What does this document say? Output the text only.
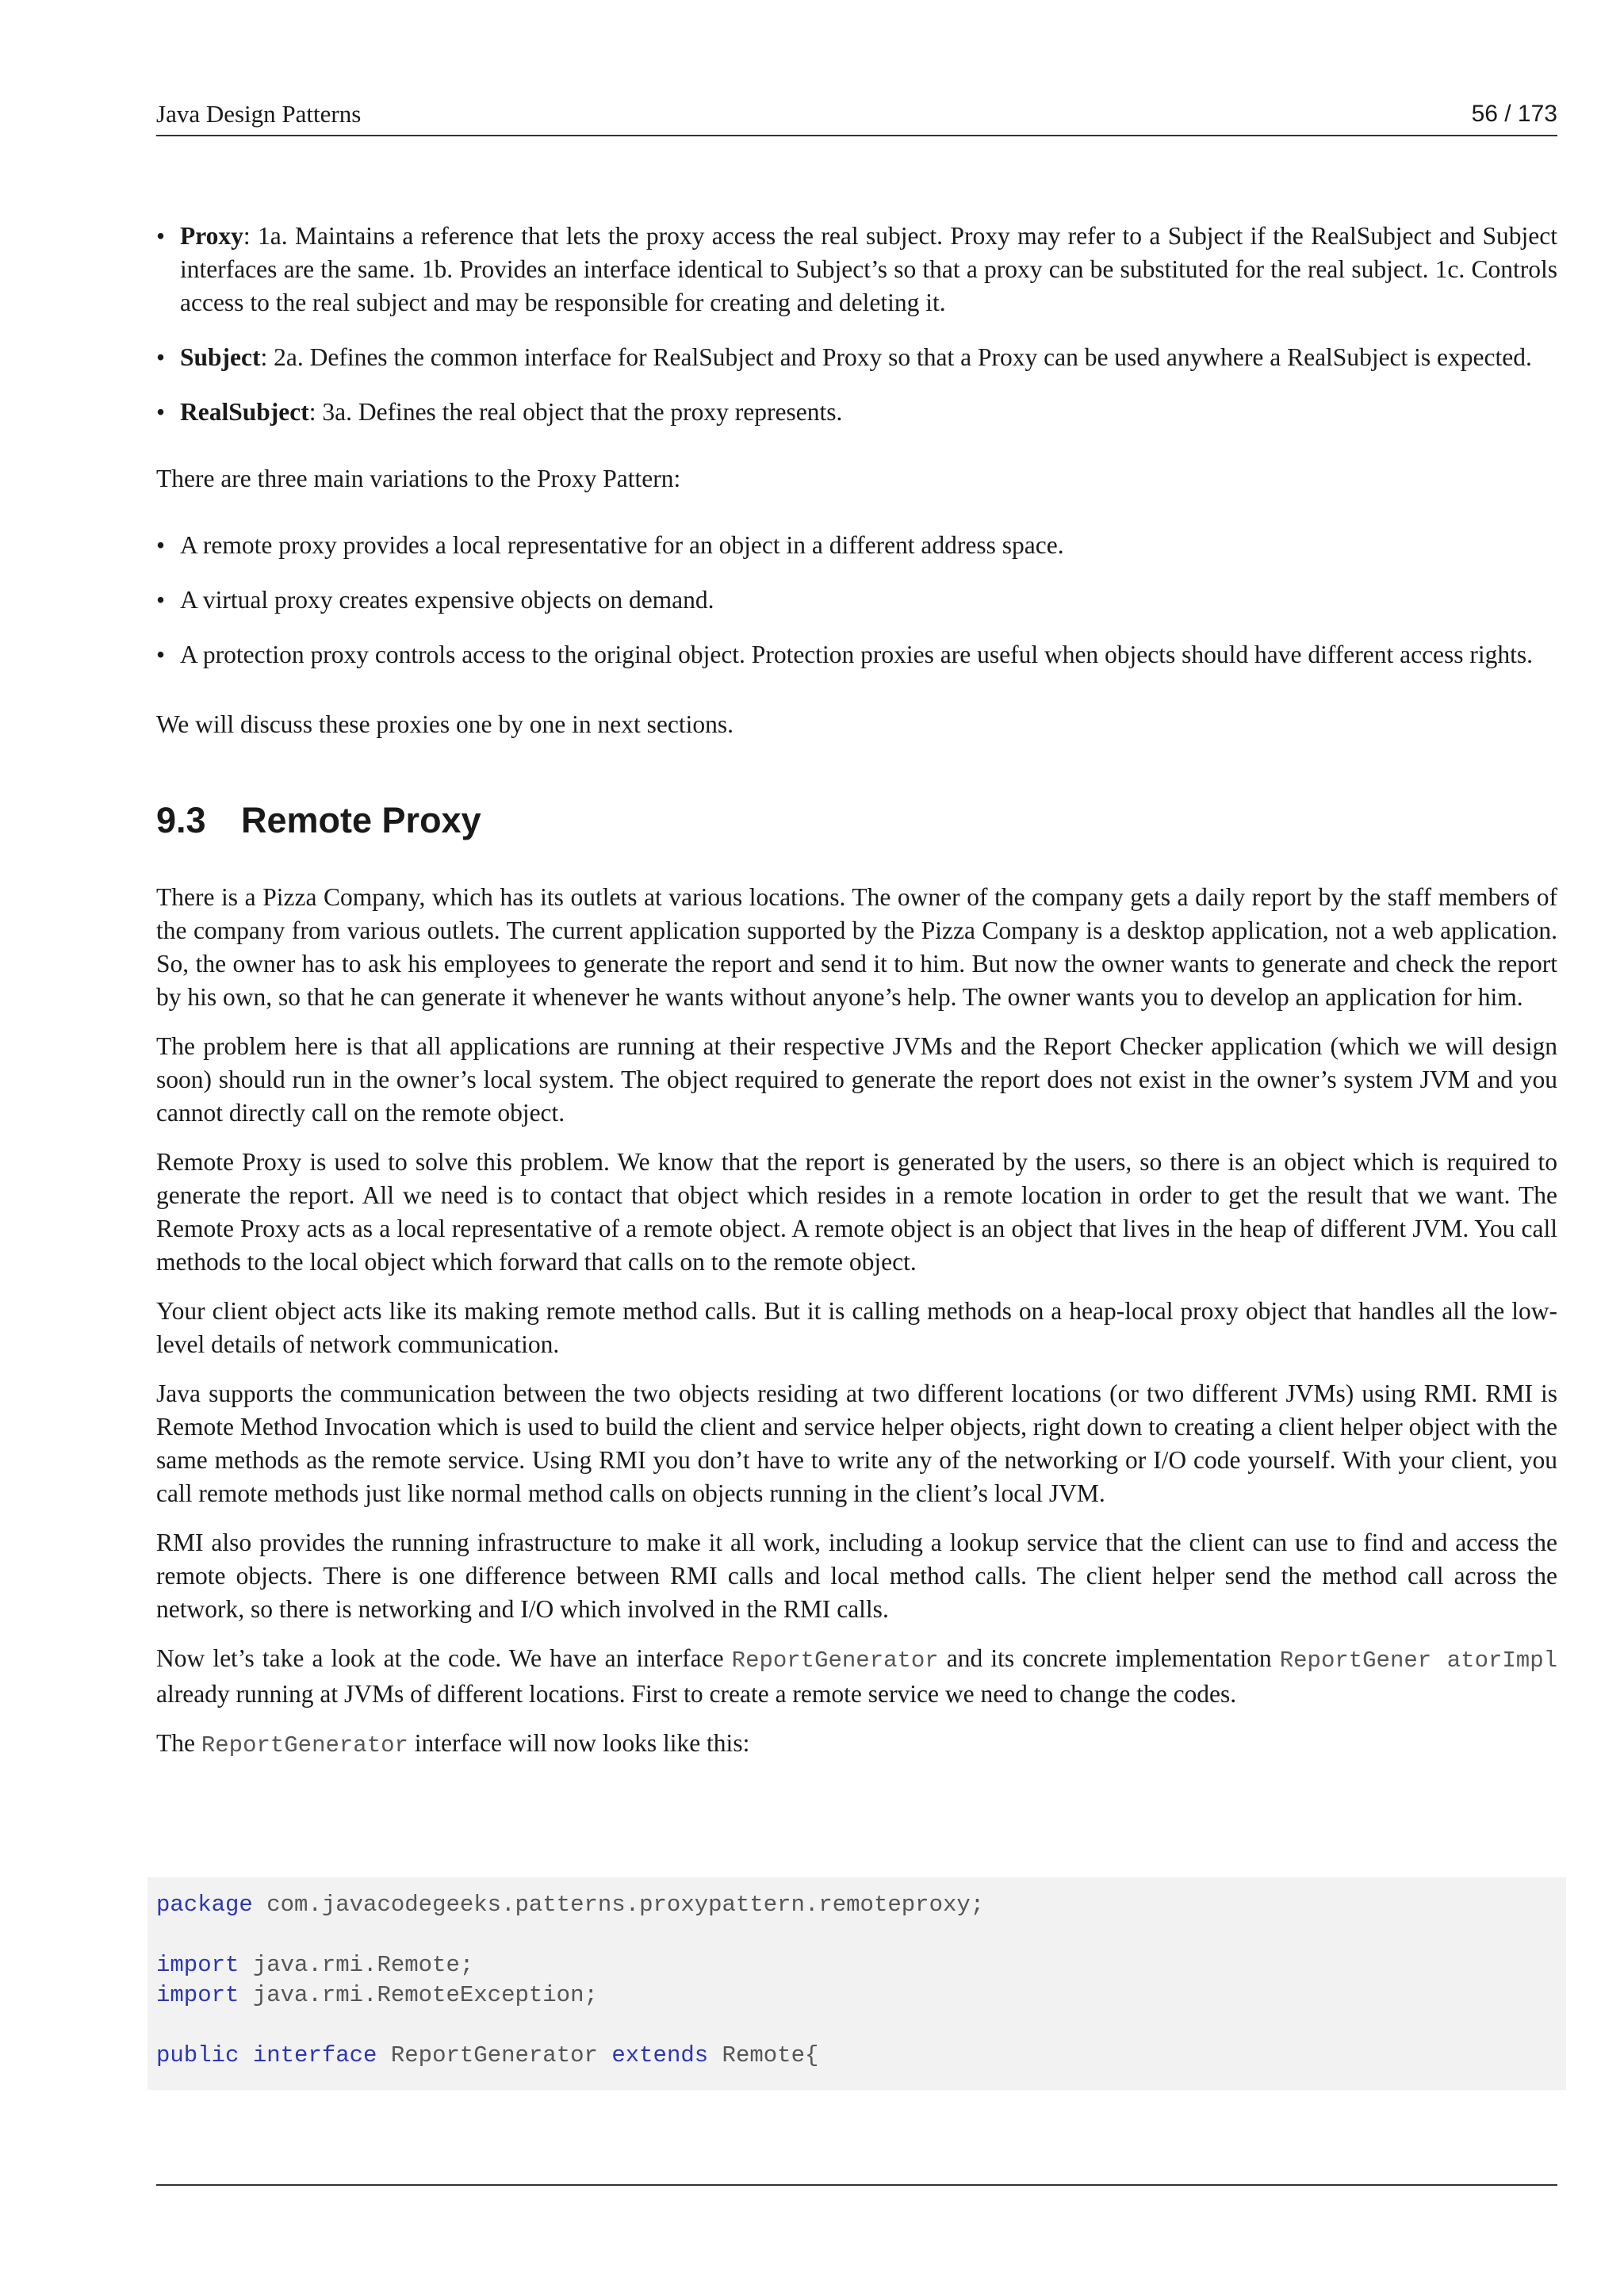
Java Design Patterns	56 / 173
• Proxy: 1a. Maintains a reference that lets the proxy access the real subject. Proxy may refer to a Subject if the RealSubject and Subject interfaces are the same. 1b. Provides an interface identical to Subject’s so that a proxy can be substituted for the real subject. 1c. Controls access to the real subject and may be responsible for creating and deleting it.
• Subject: 2a. Defines the common interface for RealSubject and Proxy so that a Proxy can be used anywhere a RealSubject is expected.
• RealSubject: 3a. Defines the real object that the proxy represents.

There are three main variations to the Proxy Pattern:

• A remote proxy provides a local representative for an object in a different address space.
• A virtual proxy creates expensive objects on demand.
• A protection proxy controls access to the original object. Protection proxies are useful when objects should have different access rights.

We will discuss these proxies one by one in next sections.

9.3 Remote Proxy

There is a Pizza Company, which has its outlets at various locations. The owner of the company gets a daily report by the staff members of the company from various outlets. The current application supported by the Pizza Company is a desktop application, not a web application. So, the owner has to ask his employees to generate the report and send it to him. But now the owner wants to generate and check the report by his own, so that he can generate it whenever he wants without anyone’s help. The owner wants you to develop an application for him.

The problem here is that all applications are running at their respective JVMs and the Report Checker application (which we will design soon) should run in the owner’s local system. The object required to generate the report does not exist in the owner’s system JVM and you cannot directly call on the remote object.

Remote Proxy is used to solve this problem. We know that the report is generated by the users, so there is an object which is required to generate the report. All we need is to contact that object which resides in a remote location in order to get the result that we want. The Remote Proxy acts as a local representative of a remote object. A remote object is an object that lives in the heap of different JVM. You call methods to the local object which forward that calls on to the remote object.

Your client object acts like its making remote method calls. But it is calling methods on a heap-local proxy object that handles all the low-level details of network communication.

Java supports the communication between the two objects residing at two different locations (or two different JVMs) using RMI. RMI is Remote Method Invocation which is used to build the client and service helper objects, right down to creating a client helper object with the same methods as the remote service. Using RMI you don’t have to write any of the networking or I/O code yourself. With your client, you call remote methods just like normal method calls on objects running in the client’s local JVM.

RMI also provides the running infrastructure to make it all work, including a lookup service that the client can use to find and access the remote objects. There is one difference between RMI calls and local method calls. The client helper send the method call across the network, so there is networking and I/O which involved in the RMI calls.

Now let’s take a look at the code. We have an interface ReportGenerator and its concrete implementation ReportGener atorImpl already running at JVMs of different locations. First to create a remote service we need to change the codes.

The ReportGenerator interface will now looks like this:

package com.javacodegeeks.patterns.proxypattern.remoteproxy;

import java.rmi.Remote;
import java.rmi.RemoteException;

public interface ReportGenerator extends Remote{
